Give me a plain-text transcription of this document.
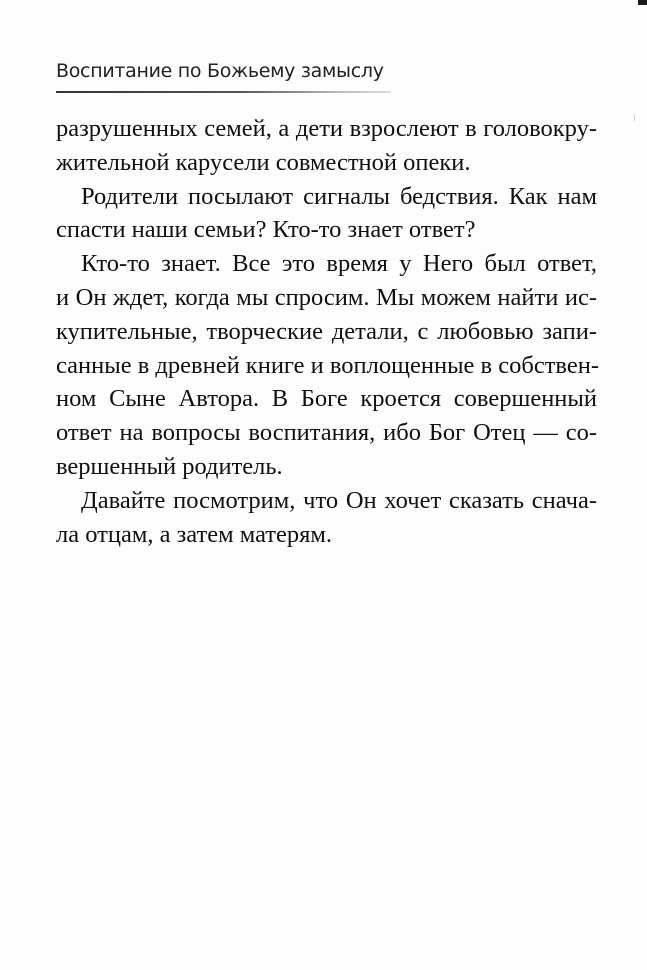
Воспитание по Божьему замыслу
разрушенных семей, а дети взрослеют в головокру-
жительной карусели совместной опеки.
Родители посылают сигналы бедствия. Как нам
спасти наши семьи? Кто-то знает ответ?
Кто-то знает. Все это время у Него был ответ,
и Он ждет, когда мы спросим. Мы можем найти ис-
купительные, творческие детали, с любовью запи-
санные в древней книге и воплощенные в собствен-
ном Сыне Автора. В Боге кроется совершенный
ответ на вопросы воспитания, ибо Бог Отец — со-
вершенный родитель.
Давайте посмотрим, что Он хочет сказать снача-
ла отцам, а затем матерям.
